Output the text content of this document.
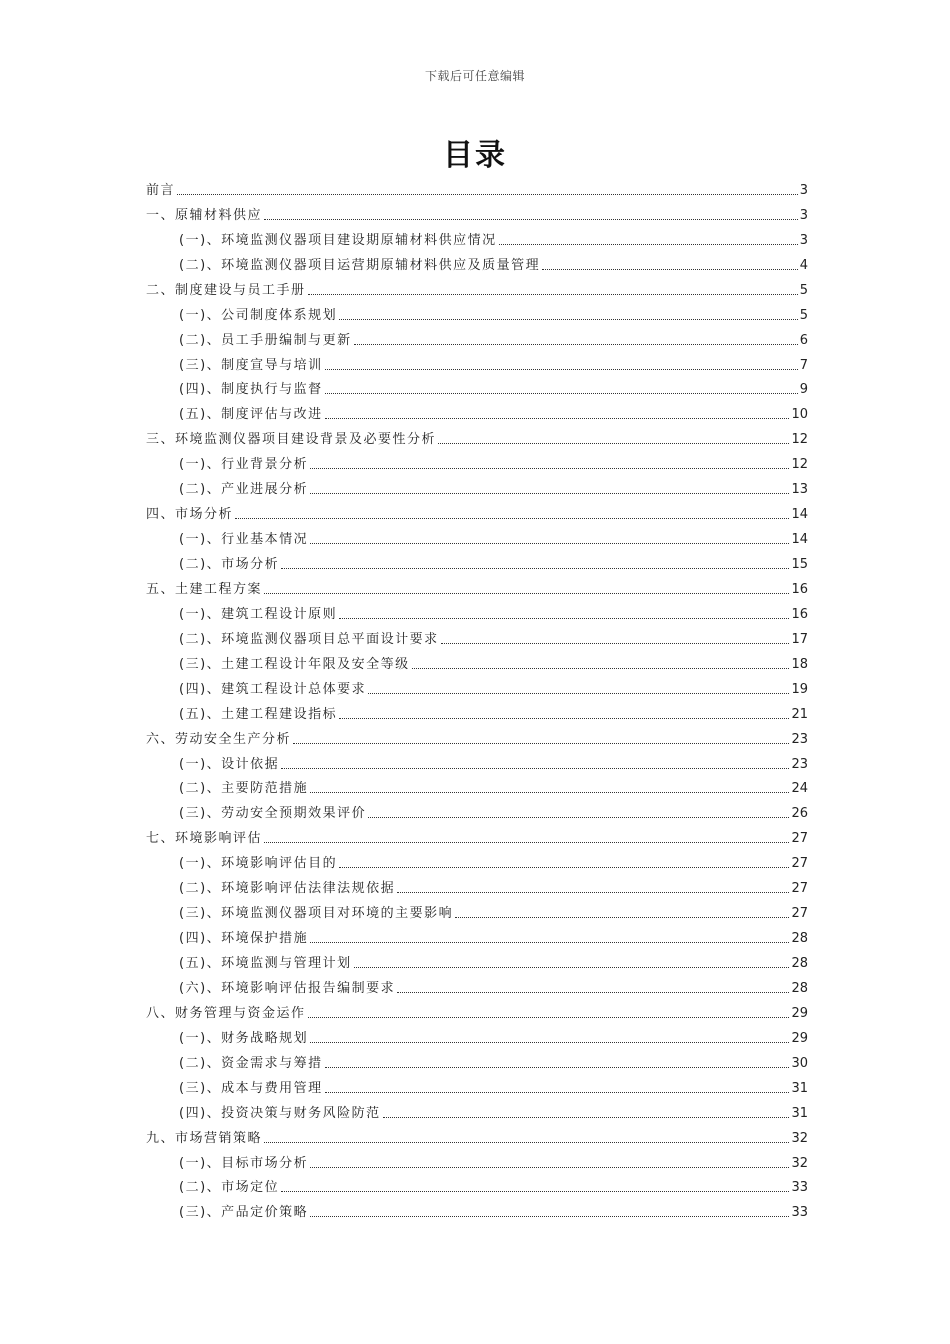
下载后可任意编辑
目录
前言	3
一、原辅材料供应	3
(一)、环境监测仪器项目建设期原辅材料供应情况	3
(二)、环境监测仪器项目运营期原辅材料供应及质量管理	4
二、制度建设与员工手册	5
(一)、公司制度体系规划	5
(二)、员工手册编制与更新	6
(三)、制度宣导与培训	7
(四)、制度执行与监督	9
(五)、制度评估与改进	10
三、环境监测仪器项目建设背景及必要性分析	12
(一)、行业背景分析	12
(二)、产业进展分析	13
四、市场分析	14
(一)、行业基本情况	14
(二)、市场分析	15
五、土建工程方案	16
(一)、建筑工程设计原则	16
(二)、环境监测仪器项目总平面设计要求	17
(三)、土建工程设计年限及安全等级	18
(四)、建筑工程设计总体要求	19
(五)、土建工程建设指标	21
六、劳动安全生产分析	23
(一)、设计依据	23
(二)、主要防范措施	24
(三)、劳动安全预期效果评价	26
七、环境影响评估	27
(一)、环境影响评估目的	27
(二)、环境影响评估法律法规依据	27
(三)、环境监测仪器项目对环境的主要影响	27
(四)、环境保护措施	28
(五)、环境监测与管理计划	28
(六)、环境影响评估报告编制要求	28
八、财务管理与资金运作	29
(一)、财务战略规划	29
(二)、资金需求与筹措	30
(三)、成本与费用管理	31
(四)、投资决策与财务风险防范	31
九、市场营销策略	32
(一)、目标市场分析	32
(二)、市场定位	33
(三)、产品定价策略	33
